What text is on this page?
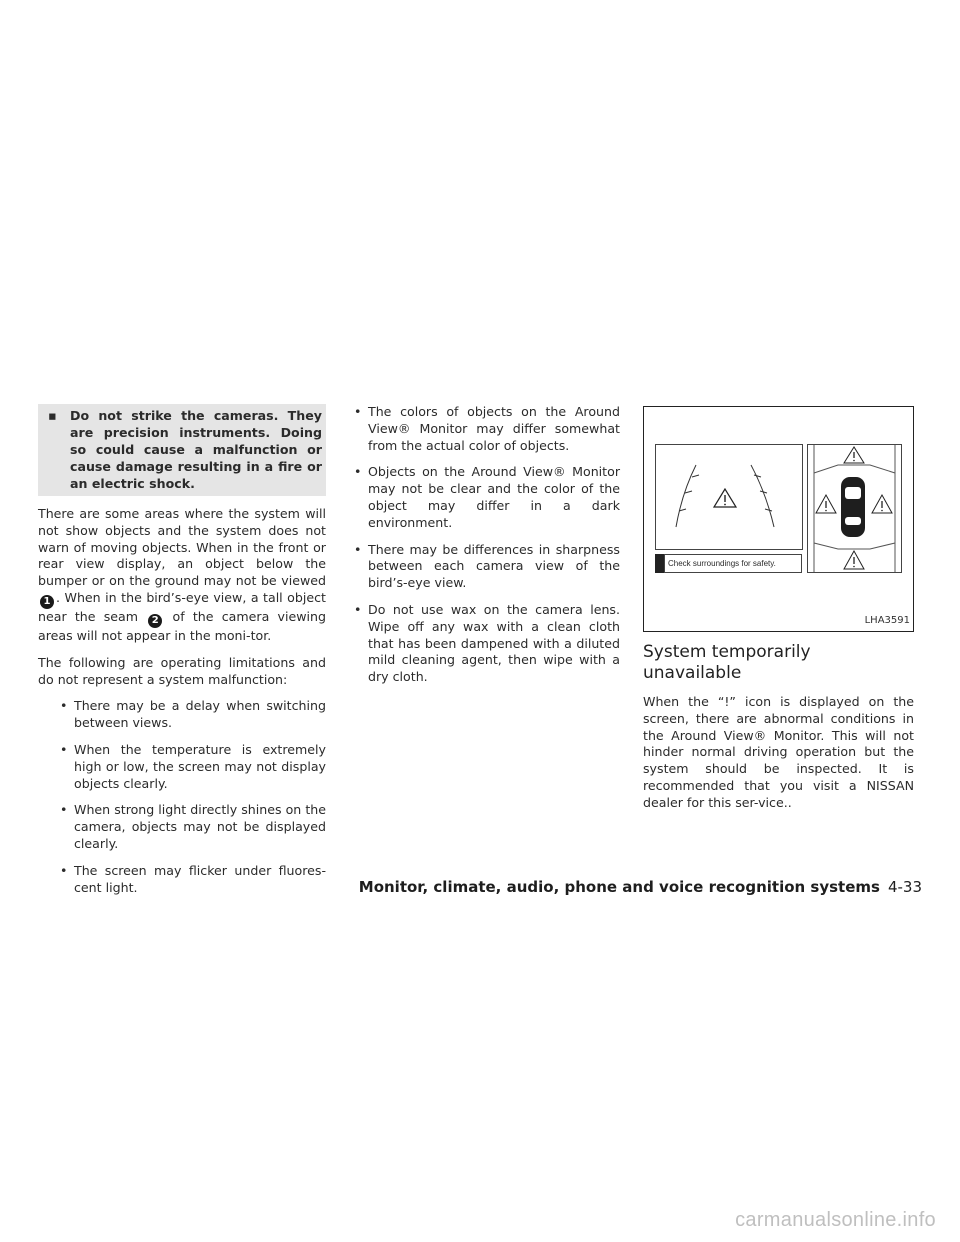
▪	Do not strike the cameras. They are precision instruments. Doing so could cause a malfunction or cause damage resulting in a fire or an electric shock.

There are some areas where the system will not show objects and the system does not warn of moving objects. When in the front or rear view display, an object below the bumper or on the ground may not be viewed1 . When in the bird’s-eye view, a tall object near the seam 2 of the camera viewing areas will not appear in the moni-tor.

The following are operating limitations and do not represent a system malfunction:

• There may be a delay when switching between views.
• When the temperature is extremely high or low, the screen may not display objects clearly.
• When strong light directly shines on the camera, objects may not be displayed clearly.
• The screen may flicker under fluores-cent light.
• The colors of objects on the Around View® Monitor may differ somewhat from the actual color of objects.
• Objects on the Around View® Monitor may not be clear and the color of the object may differ in a dark environment.
• There may be differences in sharpness between each camera view of the bird’s-eye view.
• Do not use wax on the camera lens. Wipe off any wax with a clean cloth that has been dampened with a diluted mild cleaning agent, then wipe with a dry cloth.
Check surroundings for safety.
LHA3591
System temporarily unavailable

When the “!” icon is displayed on the screen, there are abnormal conditions in the Around View® Monitor. This will not hinder normal driving operation but the system should be inspected. It is recommended that you visit a NISSAN dealer for this ser-vice..

Monitor, climate, audio, phone and voice recognition systems 4-33
carmanualsonline.info
